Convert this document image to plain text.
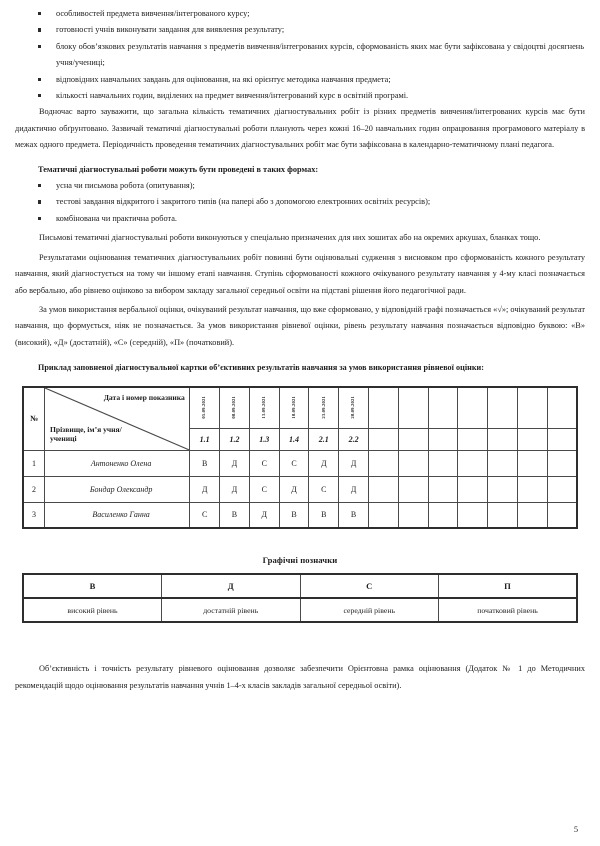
особливостей предмета вивчення/інтегрованого курсу;
готовності учнів виконувати завдання для виявлення результату;
блоку обов’язкових результатів навчання з предметів вивчення/інтегрованих курсів, сформованість яких має бути зафіксована у свідоцтві досягнень учня/учениці;
відповідних навчальних завдань для оцінювання, на які орієнтує методика навчання предмета;
кількості навчальних годин, виділених на предмет вивчення/інтегрований курс в освітній програмі.

Водночас варто зауважити, що загальна кількість тематичних діагностувальних робіт із різних предметів вивчення/інтегрованих курсів має бути дидактично обґрунтовано. Зазвичай тематичні діагностувальні роботи планують через кожні 16–20 навчальних годин опрацювання програмового матеріалу в межах одного предмета. Періодичність проведення тематичних діагностувальних робіт має бути зафіксована в календарно-тематичному плані педагога.

Тематичні діагностувальні роботи можуть бути проведені в таких формах:

усна чи письмова робота (опитування);
тестові завдання відкритого і закритого типів (на папері або з допомогою електронних освітніх ресурсів);
комбінована чи практична робота.

Письмові тематичні діагностувальні роботи виконуються у спеціально призначених для них зошитах або на окремих аркушах, бланках тощо.

Результатами оцінювання тематичних діагностувальних робіт повинні бути оцінювальні судження з висновком про сформованість кожного результату навчання, який діагностується на тому чи іншому етапі навчання. Ступінь сформованості кожного очікуваного результату навчання у 4-му класі позначається або вербально, або рівнево оцінково за вибором закладу загальної середньої освіти на підставі рішення його педагогічної ради.

За умов використання вербальної оцінки, очікуваний результат навчання, що вже сформовано, у відповідній графі позначається «√»; очікуваний результат навчання, що формується, ніяк не позначається. За умов використання рівневої оцінки, рівень результату навчання позначається відповідно буквою: «В» (високий), «Д» (достатній), «С» (середній), «П» (початковий).

Приклад заповненої діагностувальної картки об’єктивних результатів навчання за умов використання рівневої оцінки:

№	Дата і номер показника
Прізвище, ім’я учня/учениці	05.09.2021	08.09.2021	13.09.2021	18.09.2021	23.09.2021	28.09.2021							

		1.1	1.2	1.3	1.4	2.1	2.2							
1	Антоненко Олена	В	Д	С	С	Д	Д							
2	Бондар Олександр	Д	Д	С	Д	С	Д							
3	Василенко Ганна	С	В	Д	В	В	В							
Графічні позначки
В	Д	С	П
високий рівень	достатній рівень	середній рівень	початковий рівень

Об’єктивність і точність результату рівневого оцінювання дозволяє забезпечити Орієнтовна рамка оцінювання (Додаток № 1 до Методичних рекомендацій щодо оцінювання результатів навчання учнів 1–4-х класів закладів загальної середньої освіти).

5
